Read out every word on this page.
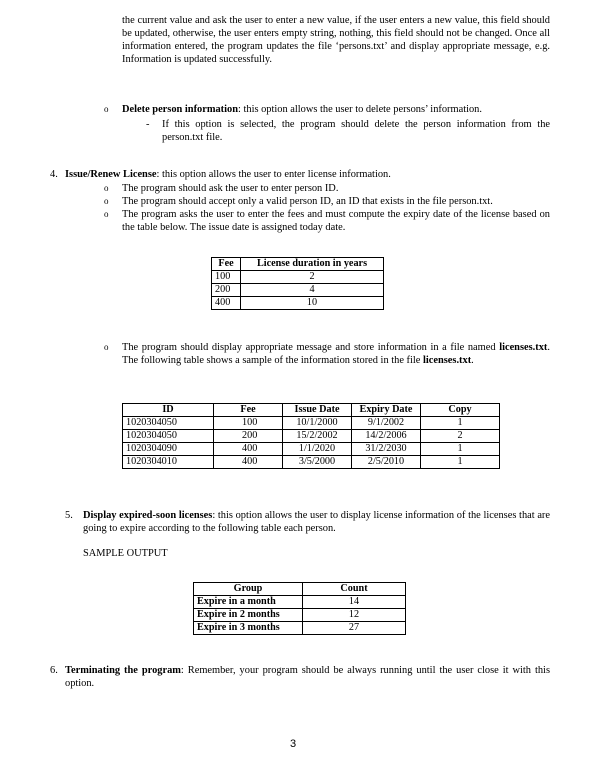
the current value and ask the user to enter a new value, if the user enters a new value, this field should be updated, otherwise, the user enters empty string, nothing, this field should not be changed. Once all information entered, the program updates the file ‘persons.txt’ and display appropriate message, e.g. Information is updated successfully.
o Delete person information: this option allows the user to delete persons’ information.
- If this option is selected, the program should delete the person information from the person.txt file.
4. Issue/Renew License: this option allows the user to enter license information.
o The program should ask the user to enter person ID.
o The program should accept only a valid person ID, an ID that exists in the file person.txt.
o The program asks the user to enter the fees and must compute the expiry date of the license based on the table below. The issue date is assigned today date.
Fee	License duration in years
100	2
200	4
400	10
o The program should display appropriate message and store information in a file named licenses.txt. The following table shows a sample of the information stored in the file licenses.txt.
ID	Fee	Issue Date	Expiry Date	Copy
1020304050	100	10/1/2000	9/1/2002	1
1020304050	200	15/2/2002	14/2/2006	2
1020304090	400	1/1/2020	31/2/2030	1
1020304010	400	3/5/2000	2/5/2010	1
5. Display expired-soon licenses: this option allows the user to display license information of the licenses that are going to expire according to the following table each person.
SAMPLE OUTPUT
Group	Count
Expire in a month	14
Expire in 2 months	12
Expire in 3 months	27
6. Terminating the program: Remember, your program should be always running until the user close it with this option.
3
